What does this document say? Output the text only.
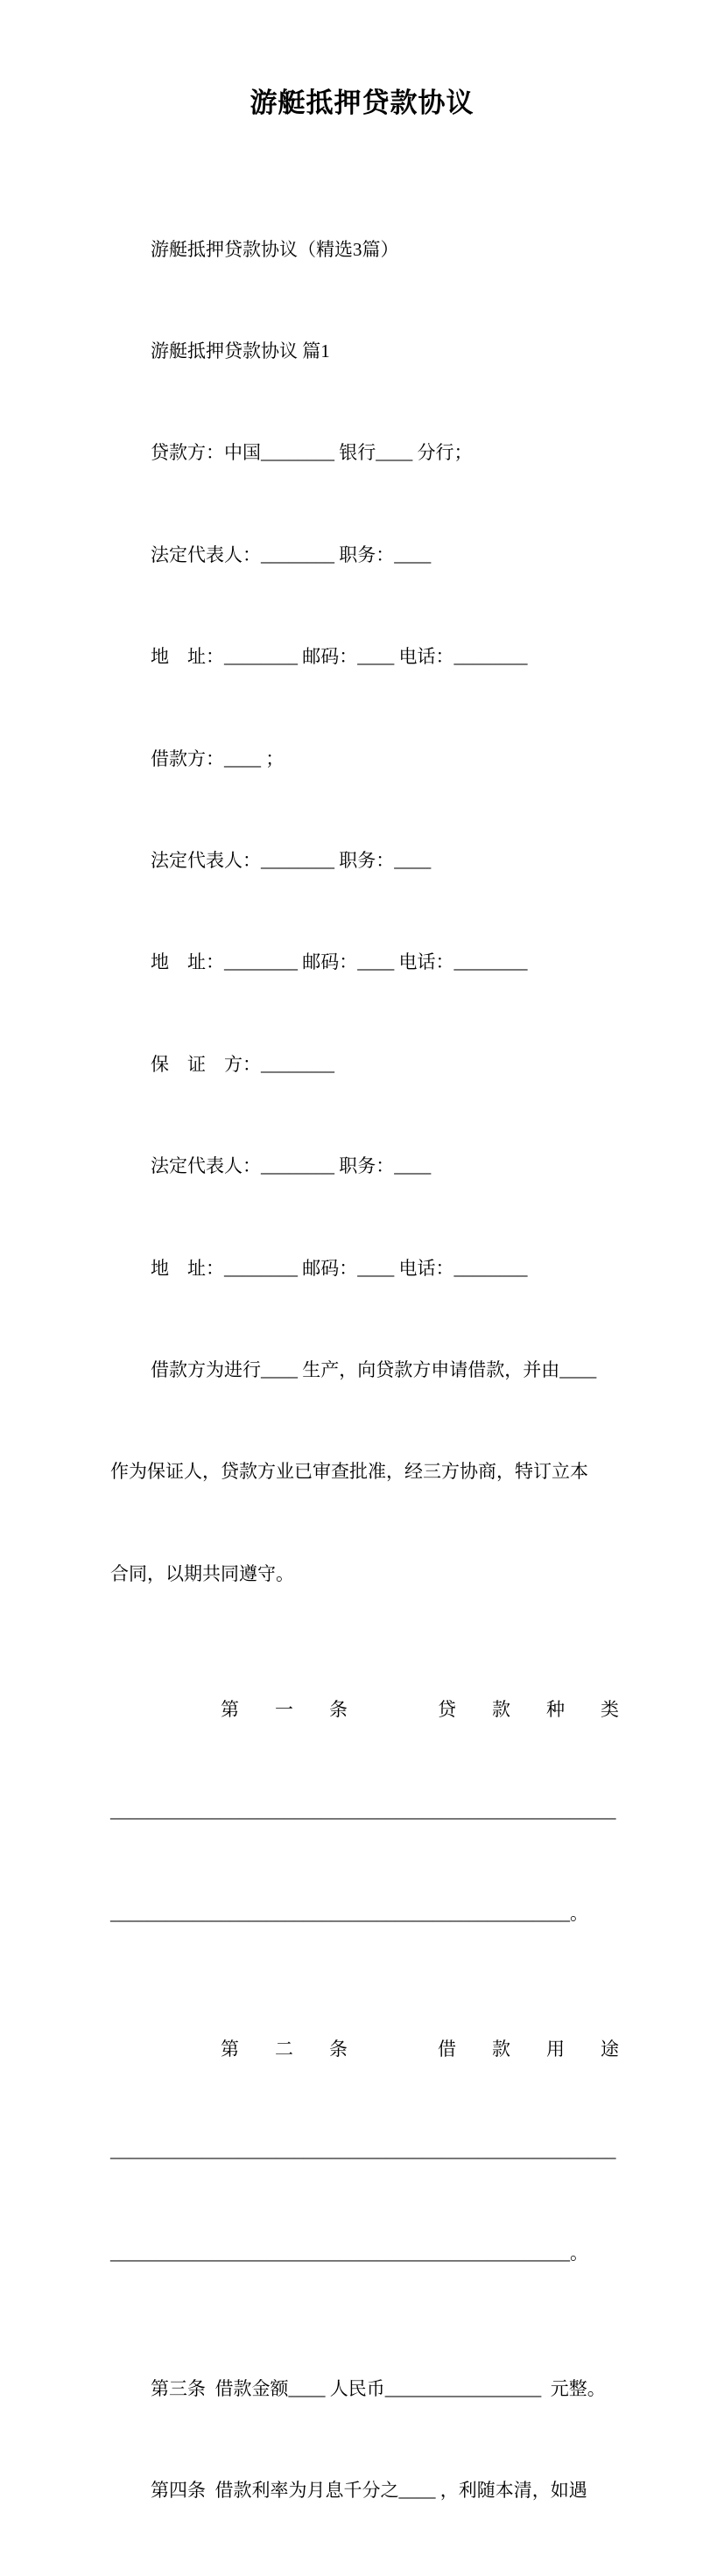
游艇抵押贷款协议

游艇抵押贷款协议（精选3篇）

游艇抵押贷款协议 篇1

贷款方：中国________ 银行____ 分行；

法定代表人：________ 职务：____

地　址：________ 邮码：____ 电话：________

借款方：____ ；

法定代表人：________ 职务：____

地　址：________ 邮码：____ 电话：________

保　证　方：________

法定代表人：________ 职务：____

地　址：________ 邮码：____ 电话：________

借款方为进行____ 生产，向贷款方申请借款，并由____

作为保证人，贷款方业已审查批准，经三方协商，特订立本

合同，以期共同遵守。

第 一 条	贷 款 种 类

_______________________________________________________

__________________________________________________。

第 二 条	借 款 用 途

_______________________________________________________

__________________________________________________。

第三条  借款金额____ 人民币_________________  元整。

第四条  借款利率为月息千分之____ ，利随本清，如遇
